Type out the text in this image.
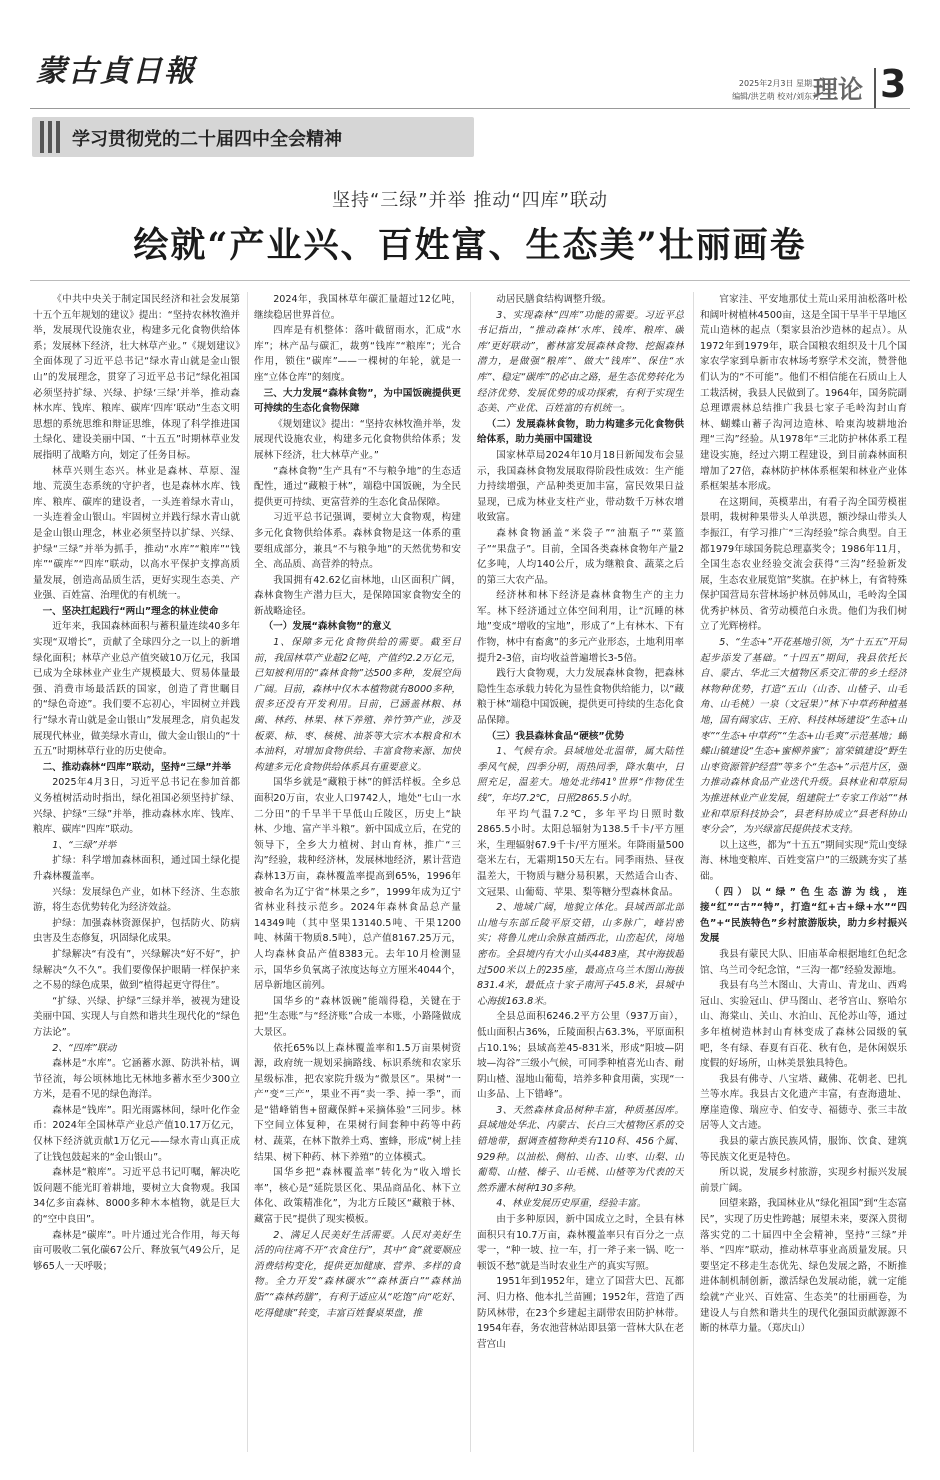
蒙古貞日報	2025年2月3日 星期二
编辑/洪艺萌 校对/刘东芳
理论 3
学习贯彻党的二十届四中全会精神
坚持“三绿”并举 推动“四库”联动
绘就“产业兴、百姓富、生态美”壮丽画卷

《中共中央关于制定国民经济和社会发展第十五个五年规划的建议》提出：“坚持农林牧渔并举，发展现代设施农业，构建多元化食物供给体系；发展林下经济，壮大林草产业。”《规划建议》全面体现了习近平总书记“绿水青山就是金山银山”的发展理念，贯穿了习近平总书记“绿化祖国必须坚持扩绿、兴绿、护绿‘三绿’并举，推动森林水库、钱库、粮库、碳库‘四库’联动”生态文明思想的系统思维和辩证思维，体现了科学推进国土绿化、建设美丽中国、“十五五”时期林草业发展指明了战略方向，划定了任务目标。

林草兴则生态兴。林业是森林、草原、湿地、荒漠生态系统的守护者，也是森林水库、钱库、粮库、碳库的建设者，一头连着绿水青山，一头连着金山银山。牢固树立并践行绿水青山就是金山银山理念，林业必须坚持以扩绿、兴绿、护绿“三绿”并举为抓手，推动“水库”“粮库”“钱库”“碳库”“四库”联动，以高水平保护支撑高质量发展，创造高品质生活，更好实现生态美、产业强、百姓富、治理优的有机统一。

一、坚决扛起践行“两山”理念的林业使命

近年来，我国森林面积与蓄积量连续40多年实现“双增长”，贡献了全球四分之一以上的新增绿化面积；林草产业总产值突破10万亿元，我国已成为全球林业产业生产规模最大、贸易体量最强、消费市场最活跃的国家，创造了背世瞩目的“绿色奇迹”。我们要不忘初心，牢固树立并践行“绿水青山就是金山银山”发展理念，肩负起发展现代林业，做美绿水青山，做大金山银山的“十五五”时期林草行业的历史使命。

二、推动森林“四库”联动，坚持“三绿”并举

2025年4月3日，习近平总书记在参加首都义务植树活动时指出，绿化祖国必须坚持扩绿、兴绿、护绿“三绿”并举，推动森林水库、钱库、粮库、碳库“四库”联动。

1、“三绿”并举

扩绿：科学增加森林面积，通过国土绿化提升森林覆盖率。

兴绿：发展绿色产业，如林下经济、生态旅游，将生态优势转化为经济效益。

护绿：加强森林资源保护，包括防火、防病虫害及生态修复，巩固绿化成果。

扩绿解决“有没有”，兴绿解决“好不好”，护绿解决“久不久”。我们要像保护眼睛一样保护来之不易的绿色成果，做到“植得起更守得住”。

“扩绿、兴绿、护绿”三绿并举，被视为建设美丽中国、实现人与自然和谐共生现代化的“绿色方法论”。

2、“四库”联动

森林是“水库”。它涵蓄水源、防洪补枯，调节径流，每公顷林地比无林地多蓄水至少300立方米，是看不见的绿色海洋。

森林是“钱库”。阳光雨露林间，绿叶化作金币：2024年全国林草产业总产值10.17万亿元，仅林下经济就贡献1万亿元——绿水青山真正成了让钱包鼓起来的“金山银山”。

森林是“粮库”。习近平总书记叮嘱，解决吃饭问题不能光盯着耕地，要树立大食物观。我国34亿多亩森林、8000多种木本植物，就是巨大的“空中良田”。

森林是“碳库”。叶片通过光合作用，每天每亩可吸收二氧化碳67公斤、释放氧气49公斤，足够65人一天呼吸；

2024年，我国林草年碳汇量超过12亿吨，继续稳居世界首位。

四库是有机整体：落叶截留雨水，汇成“水库”；林产品与碳汇，裁剪“钱库”“粮库”；光合作用，锁住“碳库”——一棵树的年轮，就是一座“立体仓库”的刻度。

三、大力发展“森林食物”，为中国饭碗提供更可持续的生态化食物保障

《规划建议》提出：“坚持农林牧渔并举，发展现代设施农业，构建多元化食物供给体系；发展林下经济，壮大林草产业。”

“森林食物”生产具有“不与粮争地”的生态适配性，通过“藏粮于林”，端稳中国饭碗，为全民提供更可持续、更富营养的生态化食品保障。

习近平总书记强调，要树立大食物观，构建多元化食物供给体系。森林食物是这一体系的重要组成部分，兼具“不与粮争地”的天然优势和安全、高品质、高营养的特点。

我国拥有42.62亿亩林地，山区面积广阔，森林食物生产潜力巨大，是保障国家食物安全的新战略途径。

（一）发展“森林食物”的意义

1、保障多元化食物供给的需要。截至目前，我国林草产业超2亿吨，产值约2.2万亿元，已知被利用的“森林食物”达500多种，发展空间广阔。目前，森林中仅木本植物就有8000多种，很多还没有开发利用。目前，已涵盖林粮、林菌、林药、林果、林下养殖、养竹笋产业，涉及板栗、柿、枣、核桃、油茶等大宗木本粮食和木本油料，对增加食物供给、丰富食物来源、加快构建多元化食物供给体系具有重要意义。

国华乡就是“藏粮于林”的鲜活样板。全乡总面积20万亩，农业人口9742人，地处“七山一水二分田”的千旱半干旱低山丘陵区，历史上“缺林、少地、富产半斗粮”。新中国成立后，在党的领导下，全乡大力植树、封山育林，推广“三沟”经验，栽种经济林，发展林地经济，累计营造森林13万亩，森林覆盖率提高到65%，1996年被命名为辽宁省“林果之乡”，1999年成为辽宁省林业科技示范乡。2024年森林食品总产量14349吨（其中坚果13140.5吨、干果1200吨、林菌干物质8.5吨），总产值8167.25万元，人均森林食品产值8383元。去年10月检测显示，国华乡负氧离子浓度达每立方厘米4044个，居阜新地区前列。

国华乡的“森林饭碗”能端得稳，关键在于把“生态账”与“经济账”合成一本账，小路隆做成大景区。

依托65%以上森林覆盖率和1.5万亩果树资源，政府统一规划采摘路线、标识系统和农家乐星级标准，把农家院升级为“微景区”。果树“一产”变“三产”，果业不再“卖一季、掉一季”，而是“错峰销售+留藏保鲜+采摘体验”三同步。林下空间立体复种，在果树行间套种中药等中药材、蔬菜，在林下散养土鸡、蜜蜂，形成“树上挂结果、树下种药、林下养殖”的立体模式。

国华乡把“森林覆盖率”转化为“收入增长率”，核心是“延院景区化、果品商品化、林下立体化、政策精准化”，为北方丘陵区“藏粮于林、藏富于民”提供了现实模板。

2、满足人民美好生活需要。人民对美好生活的向往离不开“衣食住行”，其中“食”就要顺应消费结构变化，提供更加健康、营养、多样的食物。全力开发“森林碳水”“森林蛋白”“森林油脂”“森林药膳”，有利于适应从“吃饱”向“吃好、吃得健康”转变，丰富百姓餐桌果盘，推

动居民膳食结构调整升级。

3、实现森林“四库”功能的需要。习近平总书记指出，“推动森林‘水库、钱库、粮库、碳库’更好联动”，蓄林富发展森林食物、挖掘森林潜力，是做强“粮库”、做大“钱库”、保住“水库”、稳定“碳库”的必由之路，是生态优势转化为经济优势、发展优势的成功探索，有利于实现生态美、产业优、百姓富的有机统一。

（二）发展森林食物，助力构建多元化食物供给体系，助力美丽中国建设

国家林草局2024年10月18日新闻发布会显示，我国森林食物发展取得阶段性成效：生产能力持续增强，产品种类更加丰富，富民效果日益显现，已成为林业支柱产业，带动数千万林农增收致富。

森林食物涵盖“米袋子”“油瓶子”“菜篮子”“果盘子”。目前，全国各类森林食物年产量2亿多吨，人均140公斤，成为继粮食、蔬菜之后的第三大农产品。

经济林和林下经济是森林食物生产的主力军。林下经济通过立体空间利用，让“沉睡的林地”变成“增收的宝地”，形成了“上有林木、下有作物，林中有畜禽”的多元产业形态，土地利用率提升2-3倍，亩均收益普遍增长3-5倍。

践行大食物观，大力发展森林食物，把森林隐性生态承载力转化为显性食物供给能力，以“藏粮于林”端稳中国饭碗，提供更可持续的生态化食品保障。

（三）我县森林食品“硬核”优势

1、气候有余。县域地处北温带，属大陆性季风气候，四季分明，雨热同季，降水集中，日照充足，温差大。地处北纬41°世界“作物优生线”，年均7.2℃，日照2865.5小时。

年平均气温7.2℃，多年平均日照时数2865.5小时。太阳总辐射为138.5千卡/平方厘米，生理辐射67.9千卡/平方厘米。年降雨量500毫米左右，无霜期150天左右。同季雨热、昼夜温差大，干物质与糖分易积累，天然适合山杏、文冠果、山葡萄、苹果、梨等糖分型森林食品。

2、地域广阔，地貌立体化。县域西部北部山地与东部丘陵平原交错，山多脉广，峰岩密实；将鲁儿虎山余脉直插西北，山峦起伏，岗地密布。全县境内有大小山头4483座，其中海拔超过500米以上的235座，最高点乌兰木图山海拔831.4米，最低点十家子南河子45.8米，县城中心海拔163.8米。

全县总面积6246.2平方公里（937万亩），低山面积占36%，丘陵面积占63.3%，平原面积占10.1%；县域高差45-831米，形成“阳坡—阴坡—沟谷”三级小气候，可同季种植喜光山杏、耐阴山楂、湿地山葡萄，培养多种食用菌，实现“一山多品、上下错峰”。

3、天然森林食品树种丰富，种质基因库。县域地处华北、内蒙古、长白三大植物区系的交错地带，据调查植物种类有110科、456个属、929种。以油松、侧柏、山杏、山枣、山梨、山葡萄、山楂、榛子、山毛桃、山楂等为代表的天然乔灌木树种130多种。

4、林业发展历史厚重，经验丰富。

由于多种原因，新中国成立之时，全县有林面积只有10.7万亩，森林覆盖率只有百分之一点零一，“种一坡、拉一车，打一斧子来一锅、吃一顿饭不愁”就是当时农业生产的真实写照。

1951年到1952年，建立了国营大巴、瓦都河、归力格、他本扎兰苗圃；1952年，营造了西防风林带，在23个乡建起主副带农田防护林带。1954年春，务农池营林站即县第一营林大队在老营宫山

官家洼、平安地那仗土荒山采用油松落叶松和阔叶树植林4500亩，这是全国干旱半干旱地区荒山造林的起点（梨家县治沙造林的起点）。从1972年到1979年，联合国粮农组织及十几个国家农学家到阜新市农林场考察学术交流，赞誉他们认为的“不可能”。他们不相信能在石质山上人工栽活树，我县人民做到了。1964年，国务院副总理谭震林总结推广我县七家子毛岭沟封山育林、蝴蝶山蓄子沟河边造林、哈東沟坡耕地治理“三沟”经验。从1978年“三北防护林体系工程建设实施，经过六期工程建设，到目前森林面积增加了27倍，森林防护林体系框架和林业产业体系框架基本形成。

在这期间，英模辈出，有看子沟全国劳模崔景明，栽树种果带头人单洪恩，额沙绿山带头人李振江，有学习推广“三沟经验”综合典型。自王都1979年球国务院总理嘉奖令；1986年11月，全国生态农业经验交流会获得“三沟”经验新发展，生态农业展览馆”奖旗。在护林上，有省特殊保护国营局东营林场护林员韩凤山，毛岭沟全国优秀护林员、省劳动模范白永贵。他们为我们树立了光辉榜样。

5、“生态+”开花基地引领，为“十五五”开局起步添发了基础。“十四五”期间，我县依托长自、蒙古、华北三大植物区系交汇带的乡土经济林物种优势，打造“五山（山杏、山楂子、山毛角、山毛桃）一泉（文冠果）”林下中草药种植基地，国有阔家店、王府、科技林场建设“生态+山枣”“生态+中草药”“生态+山毛爽”示范基地；蝴蝶山镇建设“生态+蜜柳养蜜”；富荣镇建设“野生山枣资源管护经营”等多个“生态+”示范片区，强力推动森林食品产业迭代升级。县林业和草原局为推进林业产业发展，组建院士“专家工作站”“林业和草原科技协会”，县老科协成立“县老科协山枣分会”，为兴绿富民提供技术支持。

以上这些，都为“十五五”期间实现“荒山变绿海、林地变粮库、百姓变富户”的三级跳夯实了基础。

（四）以“绿”色生态游为线，连接“红”“古”“特”，打造“红+古+绿+水”“四色”+“民族特色”乡村旅游版块，助力乡村振兴发展

我县有蒙民大队、旧庙革命根据地红色纪念馆、乌兰司令纪念馆，“三沟一都”经验发源地。

我县有乌兰木图山、大青山、青龙山、西鸡冠山、实验冠山、伊马图山、老爷宫山、察哈尔山、海棠山、关山、水泊山、瓦伦苏山等，通过多年植树造林封山育林变成了森林公园级的氧吧，冬有绿、春夏有百花、秋有色，是休闲娱乐度假的好场所，山林美景独具特色。

我县有佛寺、八宝塔、藏佛、花朝老、巴扎兰等水库。我县古文化遗产丰富，有查海遗址、摩崖造像、瑞应寺、伯安寺、福德寺、张三丰故居等人文古迹。

我县的蒙古族民族风情，服饰、饮食、建筑等民族文化更是特色。

所以说，发展乡村旅游，实现乡村振兴发展前景广阔。

回望来路，我国林业从“绿化祖国”到“生态富民”，实现了历史性跨越；展望未来，要深入贯彻落实党的二十届四中全会精神，坚持“三绿”并举、“四库”联动，推动林草事业高质量发展。只要坚定不移走生态优先、绿色发展之路，不断推进体制机制创新，激活绿色发展动能，就一定能绘就“产业兴、百姓富、生态美”的壮丽画卷，为建设人与自然和谐共生的现代化强国贡献源源不断的林草力量。（郑庆山）
